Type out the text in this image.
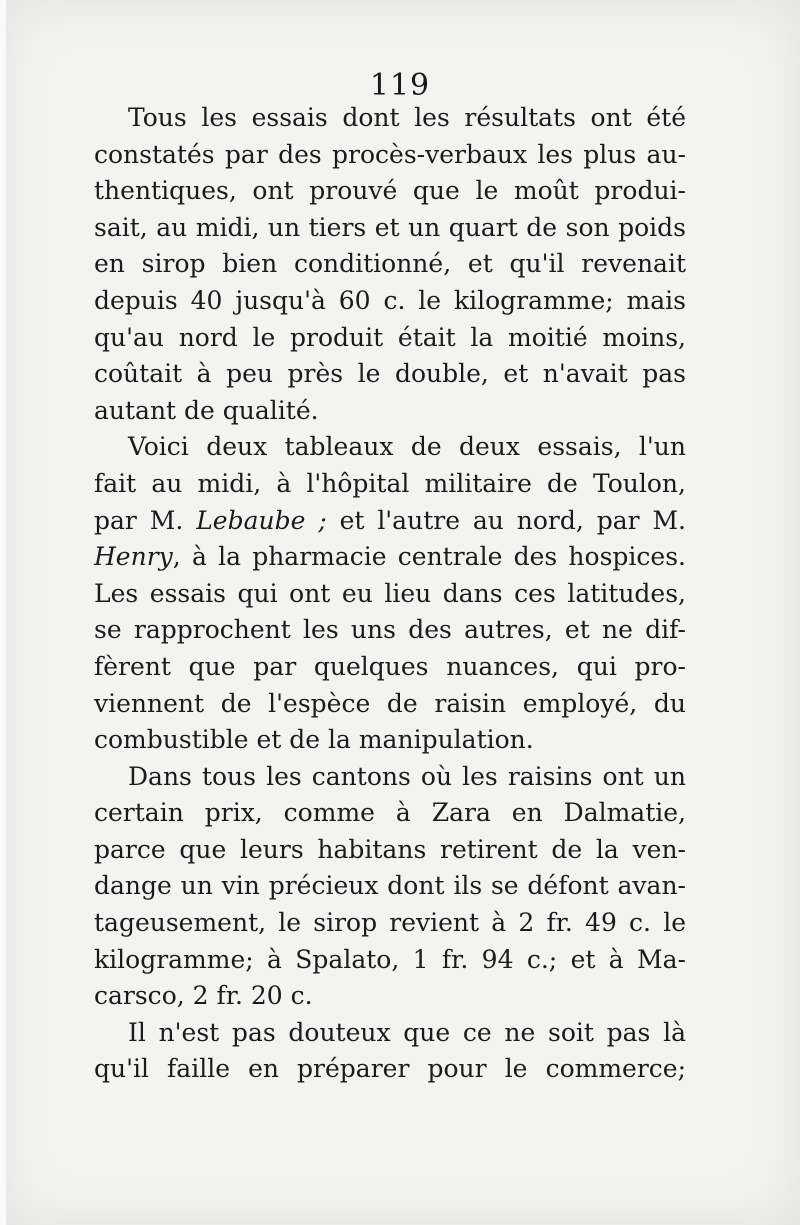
119
Tous les essais dont les résultats ont été
constatés par des procès-verbaux les plus au-
thentiques, ont prouvé que le moût produi-
sait, au midi, un tiers et un quart de son poids
en sirop bien conditionné, et qu'il revenait
depuis 40 jusqu'à 60 c. le kilogramme; mais
qu'au nord le produit était la moitié moins,
coûtait à peu près le double, et n'avait pas
autant de qualité.
Voici deux tableaux de deux essais, l'un
fait au midi, à l'hôpital militaire de Toulon,
par M. Lebaube ; et l'autre au nord, par M.
Henry, à la pharmacie centrale des hospices.
Les essais qui ont eu lieu dans ces latitudes,
se rapprochent les uns des autres, et ne dif-
fèrent que par quelques nuances, qui pro-
viennent de l'espèce de raisin employé, du
combustible et de la manipulation.
Dans tous les cantons où les raisins ont un
certain prix, comme à Zara en Dalmatie,
parce que leurs habitans retirent de la ven-
dange un vin précieux dont ils se défont avan-
tageusement, le sirop revient à 2 fr. 49 c. le
kilogramme; à Spalato, 1 fr. 94 c.; et à Ma-
carsco, 2 fr. 20 c.
Il n'est pas douteux que ce ne soit pas là
qu'il faille en préparer pour le commerce;
